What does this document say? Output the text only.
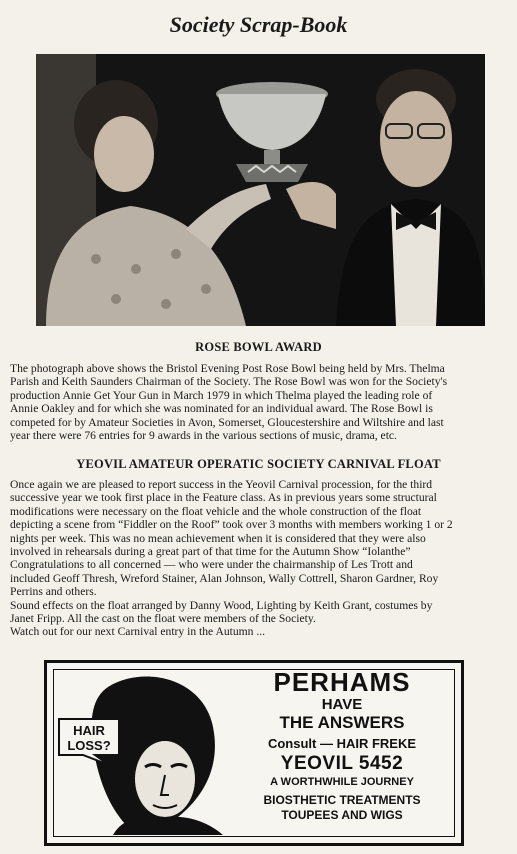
Society Scrap-Book
ROSE BOWL AWARD
The photograph above shows the Bristol Evening Post Rose Bowl being held by Mrs. Thelma
Parish and Keith Saunders Chairman of the Society. The Rose Bowl was won for the Society's
production Annie Get Your Gun in March 1979 in which Thelma played the leading role of
Annie Oakley and for which she was nominated for an individual award. The Rose Bowl is
competed for by Amateur Societies in Avon, Somerset, Gloucestershire and Wiltshire and last
year there were 76 entries for 9 awards in the various sections of music, drama, etc.
YEOVIL AMATEUR OPERATIC SOCIETY CARNIVAL FLOAT
Once again we are pleased to report success in the Yeovil Carnival procession, for the third
successive year we took first place in the Feature class. As in previous years some structural
modifications were necessary on the float vehicle and the whole construction of the float
depicting a scene from “Fiddler on the Roof” took over 3 months with members working 1 or 2
nights per week. This was no mean achievement when it is considered that they were also
involved in rehearsals during a great part of that time for the Autumn Show “Iolanthe”
Congratulations to all concerned — who were under the chairmanship of Les Trott and
included Geoff Thresh, Wreford Stainer, Alan Johnson, Wally Cottrell, Sharon Gardner, Roy
Perrins and others.
Sound effects on the float arranged by Danny Wood, Lighting by Keith Grant, costumes by
Janet Fripp. All the cast on the float were members of the Society.
Watch out for our next Carnival entry in the Autumn ...
HAIR
LOSS?
PERHAMS
HAVE
THE ANSWERS
Consult — HAIR FREKE
YEOVIL 5452
A WORTHWHILE JOURNEY
BIOSTHETIC TREATMENTS
TOUPEES AND WIGS
